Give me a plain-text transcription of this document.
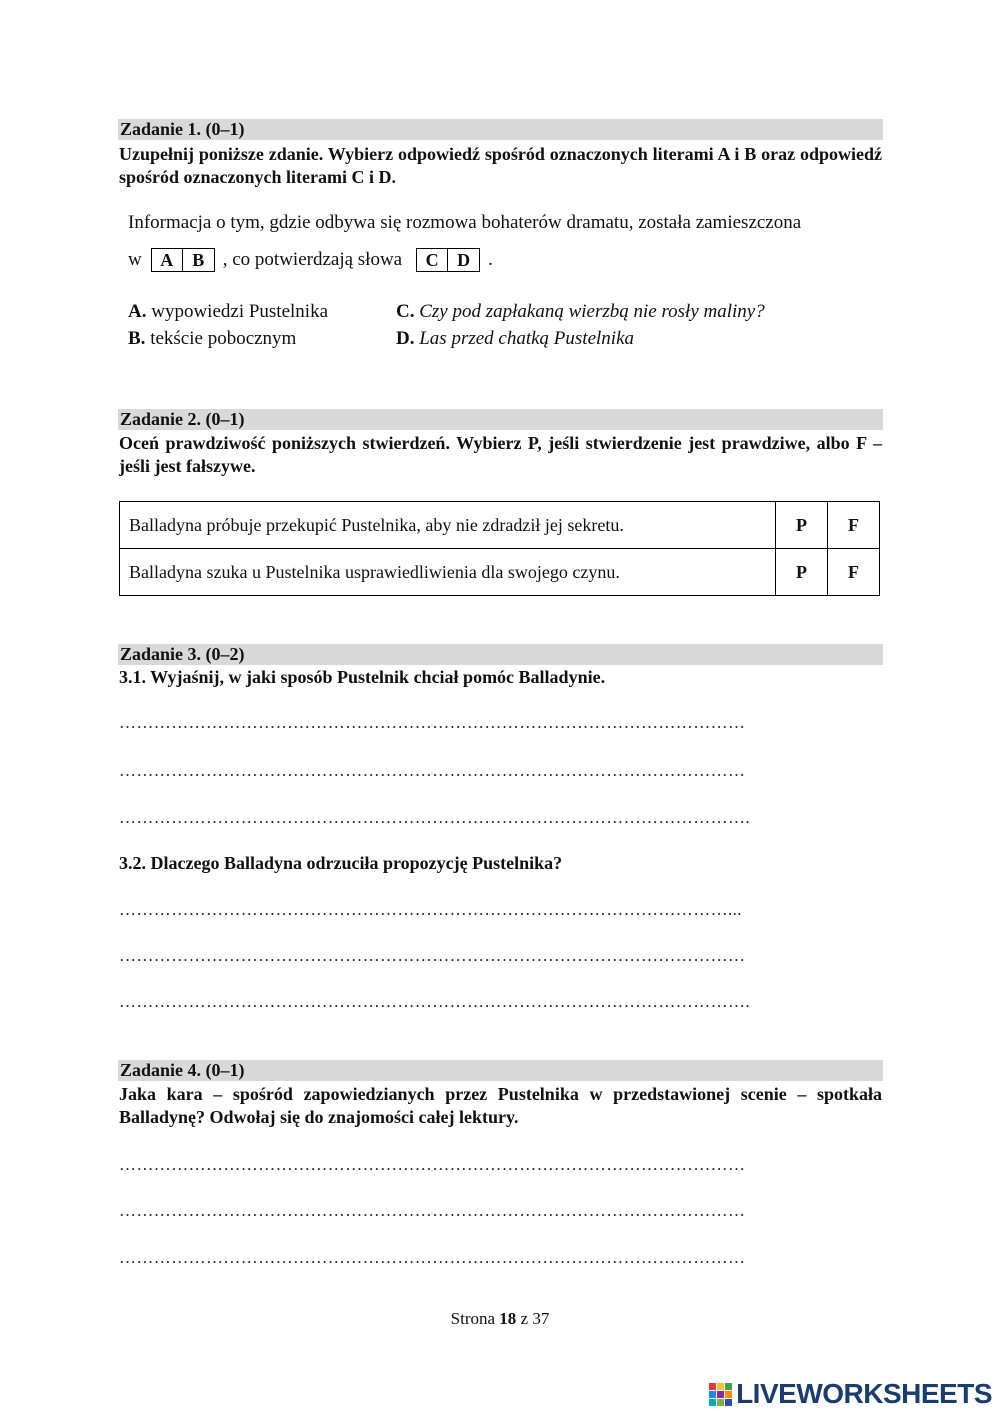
Zadanie 1. (0–1)
Uzupełnij poniższe zdanie. Wybierz odpowiedź spośród oznaczonych literami A i B oraz odpowiedź spośród oznaczonych literami C i D.
Informacja o tym, gdzie odbywa się rozmowa bohaterów dramatu, została zamieszczona
w	A	B , co potwierdzają słowa	C	D .
A. wypowiedzi Pustelnika
B. tekście pobocznym
C. Czy pod zapłakaną wierzbą nie rosły maliny?
D. Las przed chatką Pustelnika
Zadanie 2. (0–1)
Oceń prawdziwość poniższych stwierdzeń. Wybierz P, jeśli stwierdzenie jest prawdziwe, albo F – jeśli jest fałszywe.
Balladyna próbuje przekupić Pustelnika, aby nie zdradził jej sekretu.	P	F
Balladyna szuka u Pustelnika usprawiedliwienia dla swojego czynu.	P	F
Zadanie 3. (0–2)
3.1. Wyjaśnij, w jaki sposób Pustelnik chciał pomóc Balladynie.
………………………………………………………………………………………………
………………………………………………………………………………………………
……………………………………………………………………………………………….
3.2. Dlaczego Balladyna odrzuciła propozycję Pustelnika?
……………………………………………………………………………………………...
………………………………………………………………………………………………
……………………………………………………………………………………………….
Zadanie 4. (0–1)
Jaka kara – spośród zapowiedzianych przez Pustelnika w przedstawionej scenie – spotkała Balladynę? Odwołaj się do znajomości całej lektury.
………………………………………………………………………………………………
………………………………………………………………………………………………
………………………………………………………………………………………………
Strona 18 z 37
LIVEWORKSHEETS
